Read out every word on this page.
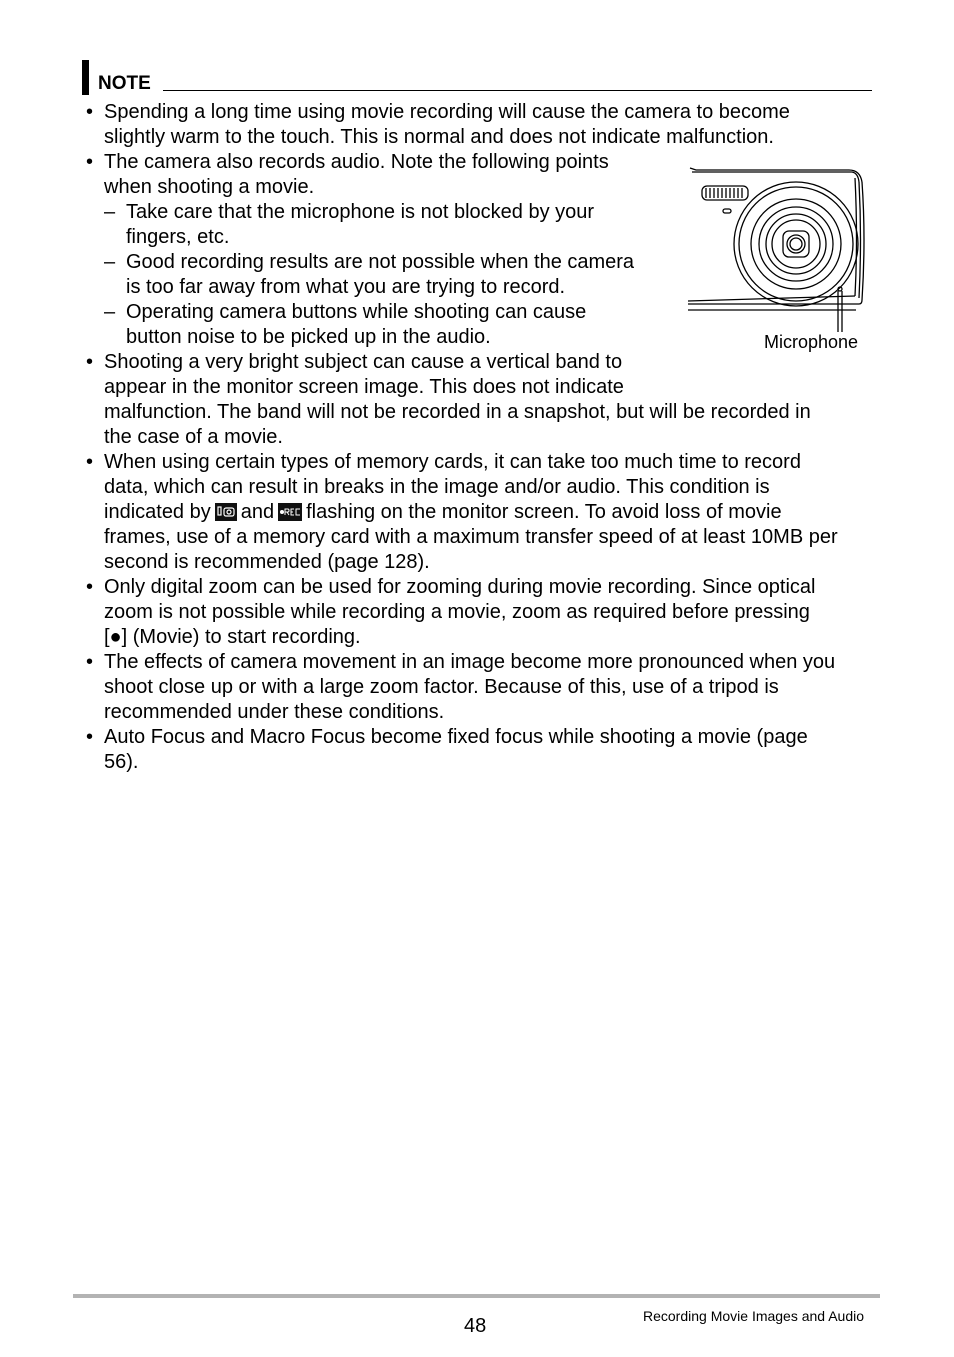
NOTE
• Spending a long time using movie recording will cause the camera to become
slightly warm to the touch. This is normal and does not indicate malfunction.
• The camera also records audio. Note the following points
when shooting a movie.
– Take care that the microphone is not blocked by your
fingers, etc.
– Good recording results are not possible when the camera
is too far away from what you are trying to record.
– Operating camera buttons while shooting can cause
button noise to be picked up in the audio.	Microphone
• Shooting a very bright subject can cause a vertical band to
appear in the monitor screen image. This does not indicate
malfunction. The band will not be recorded in a snapshot, but will be recorded in
the case of a movie.
• When using certain types of memory cards, it can take too much time to record
data, which can result in breaks in the image and/or audio. This condition is
indicated by and flashing on the monitor screen. To avoid loss of movie
frames, use of a memory card with a maximum transfer speed of at least 10MB per
second is recommended (page 128).
• Only digital zoom can be used for zooming during movie recording. Since optical
zoom is not possible while recording a movie, zoom as required before pressing
[●] (Movie) to start recording.
• The effects of camera movement in an image become more pronounced when you
shoot close up or with a large zoom factor. Because of this, use of a tripod is
recommended under these conditions.
• Auto Focus and Macro Focus become fixed focus while shooting a movie (page
56).
48	Recording Movie Images and Audio
